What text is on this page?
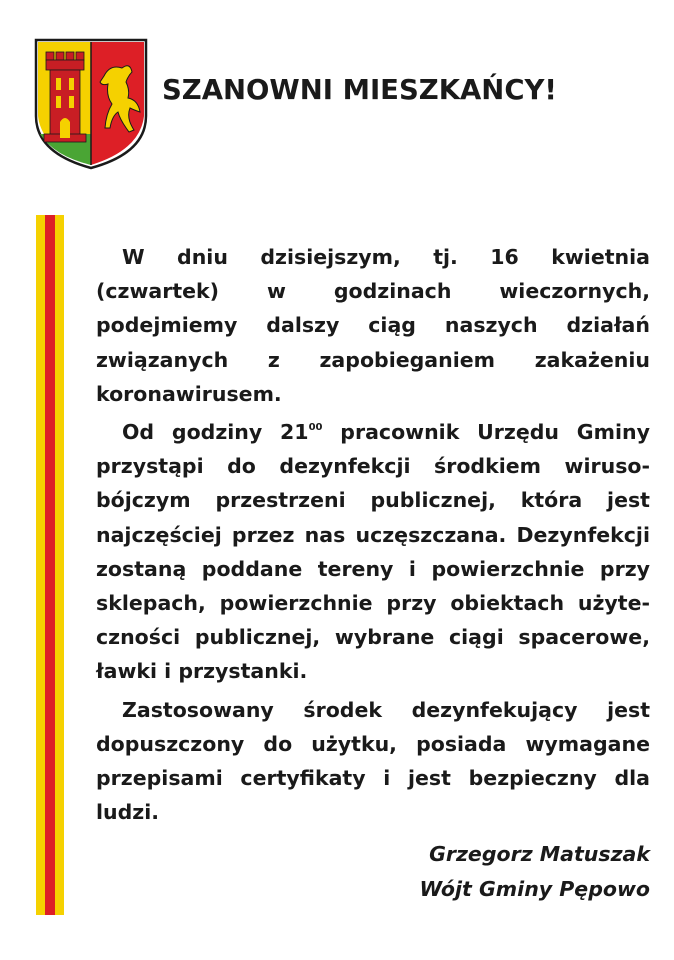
SZANOWNI MIESZKAŃCY!

W dniu dzisiejszym, tj. 16 kwietnia (czwartek) w godzinach wieczornych, podejmiemy dalszy ciąg naszych działań związanych z zapobieganiem zakażeniu koronawirusem.

Od godziny $21^{00}$ pracownik Urzędu Gminy przystąpi do dezynfekcji środkiem wirusobójczym przestrzeni publicznej, która jest najczęściej przez nas uczęszczana. Dezynfekcji zostaną poddane tereny i powierzchnie przy sklepach, powierzchnie przy obiektach użyteczności publicznej, wybrane ciągi spacerowe, ławki i przystanki.

Zastosowany środek dezynfekujący jest dopuszczony do użytku, posiada wymagane przepisami certyfikaty i jest bezpieczny dla ludzi.

Grzegorz Matuszak
Wójt Gminy Pępowo
